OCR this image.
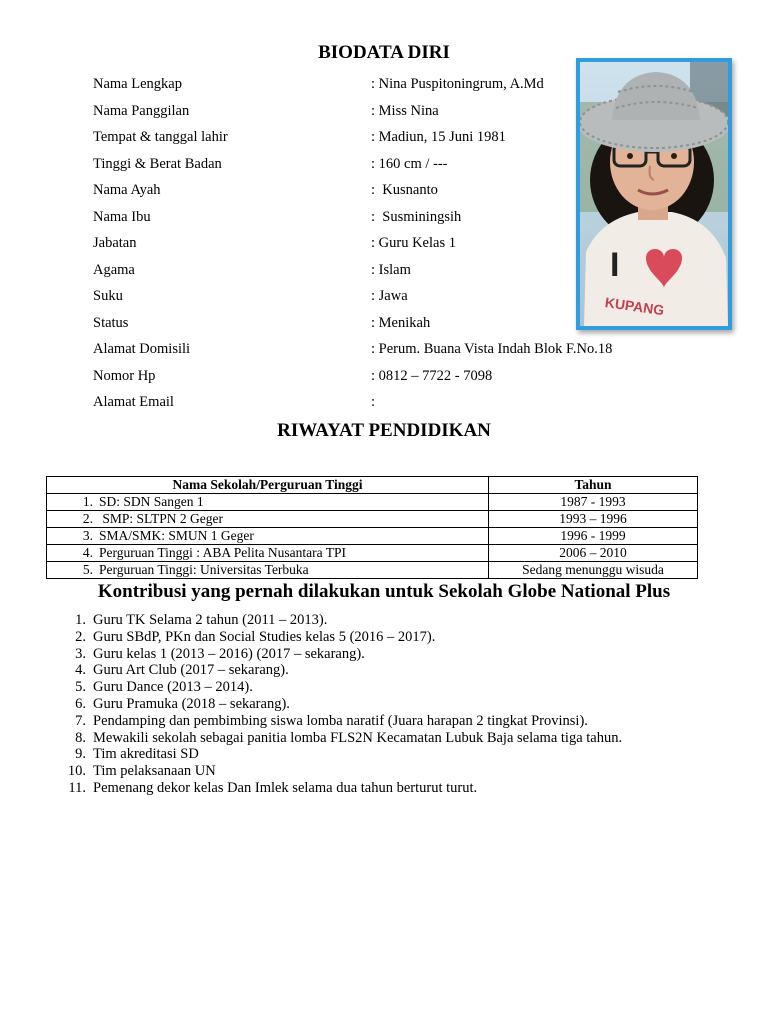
BIODATA DIRI
Nama Lengkap	: Nina Puspitoningrum, A.Md
Nama Panggilan	: Miss Nina
Tempat & tanggal lahir	: Madiun, 15 Juni 1981
Tinggi & Berat Badan	: 160 cm / ---
Nama Ayah	:  Kusnanto
Nama Ibu	:  Susminingsih
Jabatan	: Guru Kelas 1
Agama	: Islam
Suku	: Jawa
Status	: Menikah
Alamat Domisili	: Perum. Buana Vista Indah Blok F.No.18
Nomor Hp	: 0812 – 7722 - 7098
Alamat Email	:
I
KUPANG
RIWAYAT PENDIDIKAN
Nama Sekolah/Perguruan Tinggi	Tahun

1. SD: SDN Sangen 1	1987 - 1993

2. SMP: SLTPN 2 Geger	1993 – 1996

3. SMA/SMK: SMUN 1 Geger	1996 - 1999

4. Perguruan Tinggi : ABA Pelita Nusantara TPI	2006 – 2010

5. Perguruan Tinggi: Universitas Terbuka	Sedang menunggu wisuda
Kontribusi yang pernah dilakukan untuk Sekolah Globe National Plus
1. Guru TK Selama 2 tahun (2011 – 2013).
2. Guru SBdP, PKn dan Social Studies kelas 5 (2016 – 2017).
3. Guru kelas 1 (2013 – 2016) (2017 – sekarang).
4. Guru Art Club (2017 – sekarang).
5. Guru Dance (2013 – 2014).
6. Guru Pramuka (2018 – sekarang).
7. Pendamping dan pembimbing siswa lomba naratif (Juara harapan 2 tingkat Provinsi).
8. Mewakili sekolah sebagai panitia lomba FLS2N Kecamatan Lubuk Baja selama tiga tahun.
9. Tim akreditasi SD
10. Tim pelaksanaan UN
11. Pemenang dekor kelas Dan Imlek selama dua tahun berturut turut.
